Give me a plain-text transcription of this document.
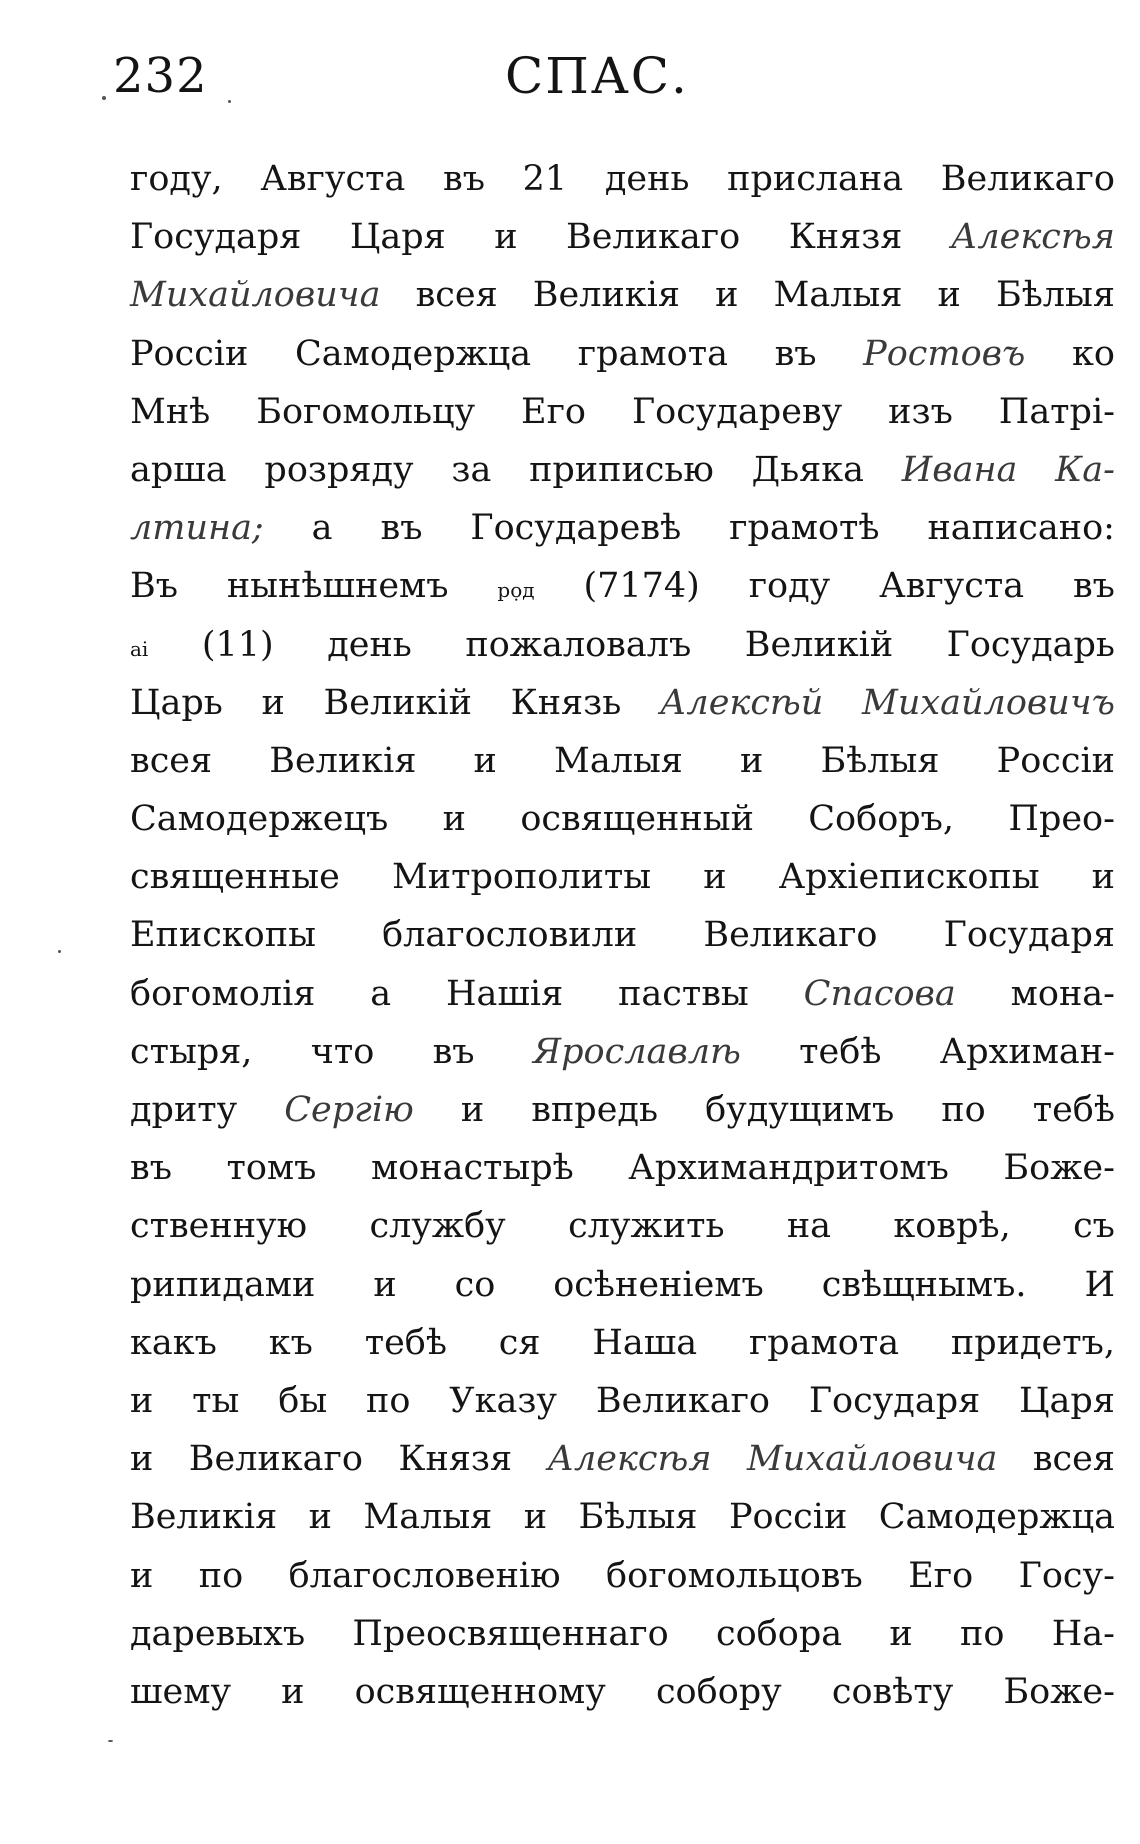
232	СПАС.
году, Августа въ 21 день прислана Великаго
Государя Царя и Великаго Князя Алексѣя
Михайловича всея Великія и Малыя и Бѣлыя
Россіи Самодержца грамота въ Ростовъ ко
Мнѣ Богомольцу Его Государеву изъ Патрі-
арша розряду за приписью Дьяка Ивана Ка-
лтина; а въ Государевѣ грамотѣ написано:
Въ нынѣшнемъ рọд (7174) году Августа въ
аі (11) день пожаловалъ Великій Государь
Царь и Великій Князь Алексѣй Михайловичъ
всея Великія и Малыя и Бѣлыя Россіи
Самодержецъ и освященный Соборъ, Прео-
священные Митрополиты и Архіепископы и
Епископы благословили Великаго Государя
богомолія а Нашія паствы Спасова мона-
стыря, что въ Ярославлѣ тебѣ Архиман-
дриту Сергію и впредь будущимъ по тебѣ
въ томъ монастырѣ Архимандритомъ Боже-
ственную службу служить на коврѣ, съ
рипидами и со осѣненіемъ свѣщнымъ. И
какъ къ тебѣ ся Наша грамота придетъ,
и ты бы по Указу Великаго Государя Царя
и Великаго Князя Алексѣя Михайловича всея
Великія и Малыя и Бѣлыя Россіи Самодержца
и по благословенію богомольцовъ Его Госу-
даревыхъ Преосвященнаго собора и по На-
шему и освященному собору совѣту Боже-
